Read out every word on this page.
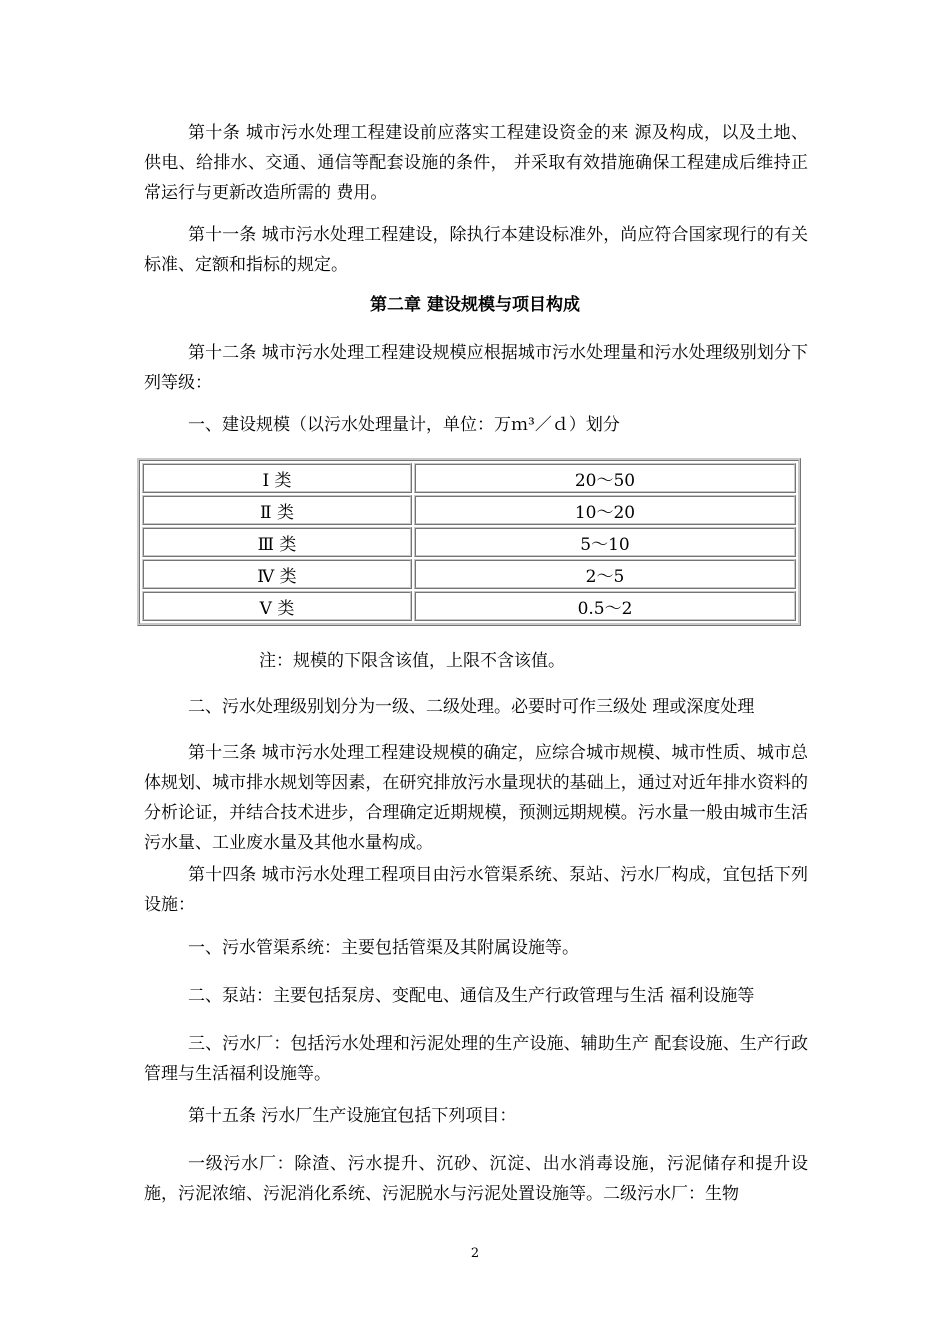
第十条 城市污水处理工程建设前应落实工程建设资金的来 源及构成，以及土地、供电、给排水、交通、通信等配套设施的条件， 并采取有效措施确保工程建成后维持正常运行与更新改造所需的 费用。

第十一条 城市污水处理工程建设，除执行本建设标准外，尚应符合国家现行的有关标准、定额和指标的规定。

第二章 建设规模与项目构成

第十二条 城市污水处理工程建设规模应根据城市污水处理量和污水处理级别划分下列等级：

一、建设规模（以污水处理量计，单位：万ｍ³／ｄ）划分

Ⅰ 类	20～50
Ⅱ 类	10～20
Ⅲ 类	5～10
Ⅳ 类	2～5
Ⅴ 类	0.5～2

注：规模的下限含该值，上限不含该值。

二、污水处理级别划分为一级、二级处理。必要时可作三级处 理或深度处理

第十三条 城市污水处理工程建设规模的确定，应综合城市规模、城市性质、城市总体规划、城市排水规划等因素，在研究排放污水量现状的基础上，通过对近年排水资料的分析论证，并结合技术进步，合理确定近期规模，预测远期规模。污水量一般由城市生活污水量、工业废水量及其他水量构成。

第十四条 城市污水处理工程项目由污水管渠系统、泵站、污水厂构成，宜包括下列设施：

一、污水管渠系统：主要包括管渠及其附属设施等。

二、泵站：主要包括泵房、变配电、通信及生产行政管理与生活 福利设施等

三、污水厂：包括污水处理和污泥处理的生产设施、辅助生产 配套设施、生产行政管理与生活福利设施等。

第十五条 污水厂生产设施宜包括下列项目：

一级污水厂：除渣、污水提升、沉砂、沉淀、出水消毒设施，污泥储存和提升设施，污泥浓缩、污泥消化系统、污泥脱水与污泥处置设施等。二级污水厂：生物

2
